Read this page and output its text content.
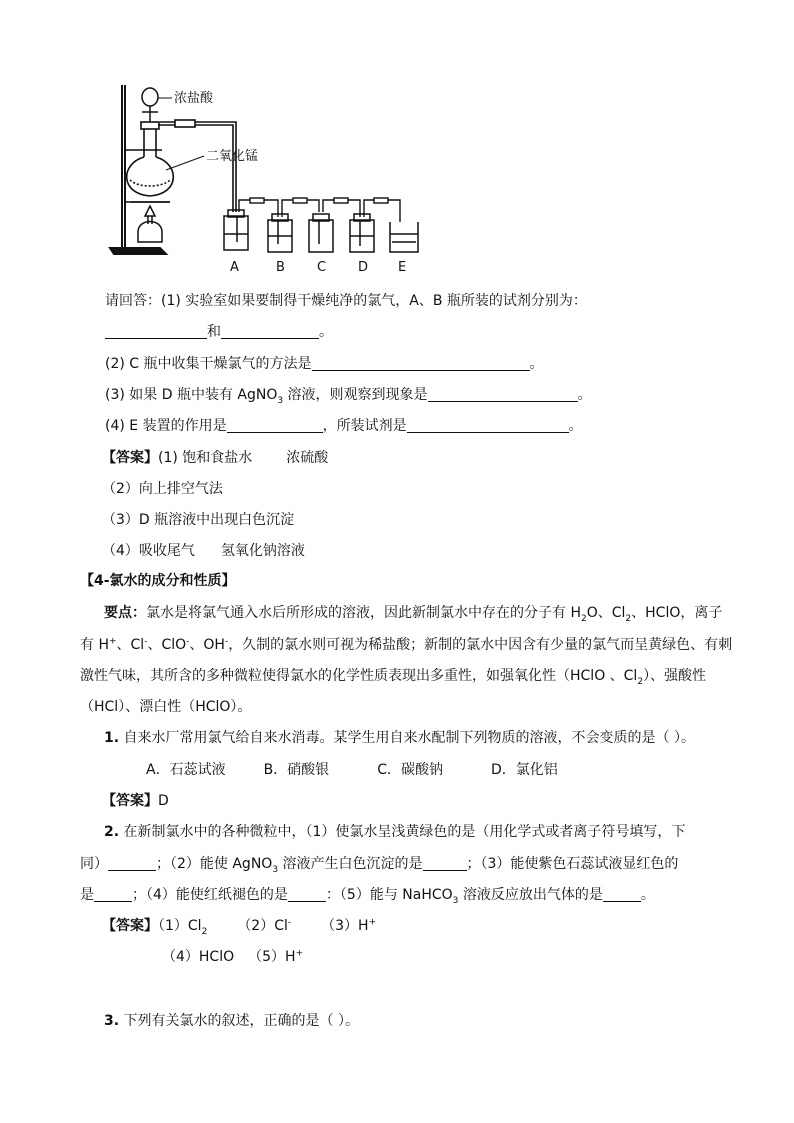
浓盐酸
二氧化锰
A	B C D E
请回答：(1) 实验室如果要制得干燥纯净的氯气，A、B 瓶所装的试剂分别为：
和	。
(2) C 瓶中收集干燥氯气的方法是	。
(3) 如果 D 瓶中装有 AgNO$_3$ 溶液，则观察到现象是	。
(4) E 装置的作用是	，所装试剂是	。
【答案】(1) 饱和食盐水 浓硫酸
（2）向上排空气法
（3）D 瓶溶液中出现白色沉淀
（4）吸收尾气 氢氧化钠溶液
【4-氯水的成分和性质】
要点：氯水是将氯气通入水后所形成的溶液，因此新制氯水中存在的分子有 $H_2O$、$Cl_2$、HClO，离子
有 H+、Cl-、ClO-、OH-，久制的氯水则可视为稀盐酸；新制的氯水中因含有少量的氯气而呈黄绿色、有刺
激性气味，其所含的多种微粒使得氯水的化学性质表现出多重性，如强氧化性（HClO 、$Cl_2$）、强酸性
（HCl）、漂白性（HClO）。
1. 自来水厂常用氯气给自来水消毒。某学生用自来水配制下列物质的溶液，不会变质的是（ ）。
A．石蕊试液	B．硝酸银	C．碳酸钠	D．氯化铝
【答案】D
2. 在新制氯水中的各种微粒中，（1）使氯水呈浅黄绿色的是（用化学式或者离子符号填写，下
同）	；（2）能使 AgNO$_3$ 溶液产生白色沉淀的是	；（3）能使紫色石蕊试液显红色的
是	；（4）能使红纸褪色的是	：（5）能与 NaHCO$_3$ 溶液反应放出气体的是	。
【答案】$(1)Cl_2$ （2）Cl- （3）H+
（4）HClO （5）H+
3. 下列有关氯水的叙述，正确的是（ ）。
